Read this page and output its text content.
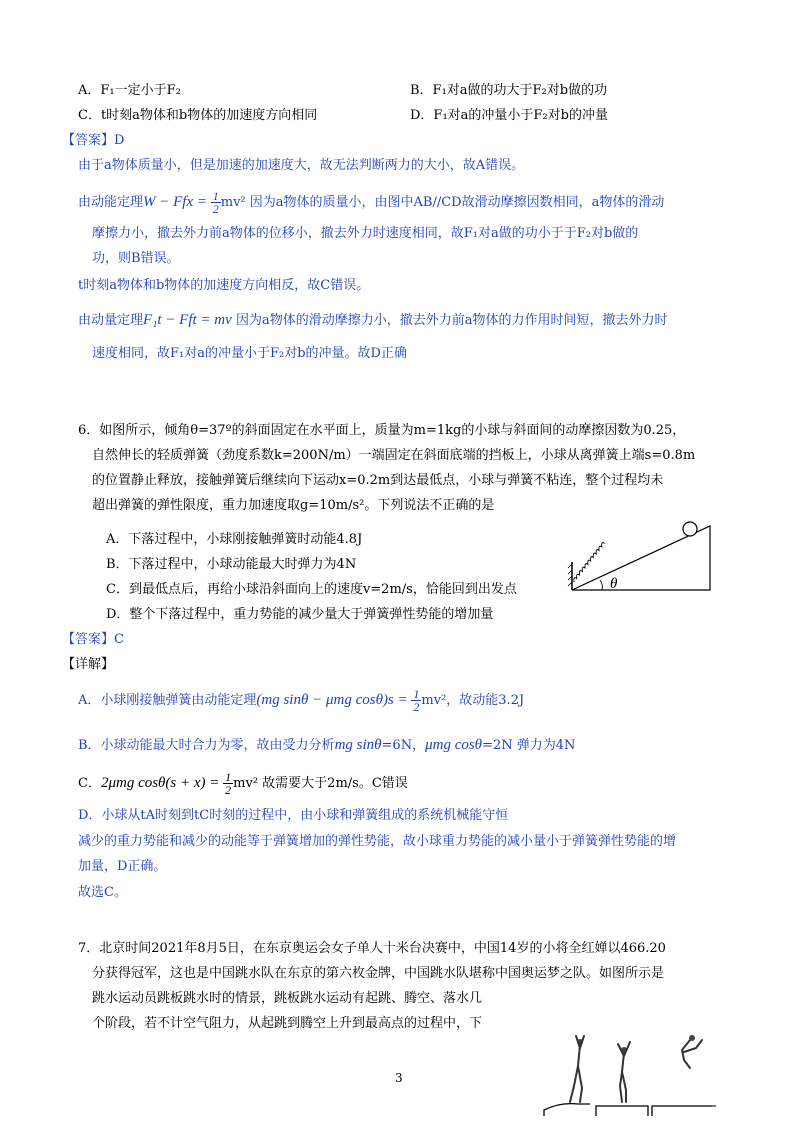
A．F₁一定小于F₂	B．F₁对a做的功大于F₂对b做的功
C．t时刻a物体和b物体的加速度方向相同	D．F₁对a的冲量小于F₂对b的冲量
【答案】D
由于a物体质量小，但是加速的加速度大，故无法判断两力的大小，故A错误。
由动能定理W − Ffx = $\frac{1}{2} mv^2$ 因为a物体的质量小，由图中AB//CD故滑动摩擦因数相同，a物体的滑动
摩擦力小，撤去外力前a物体的位移小，撤去外力时速度相同，故F₁对a做的功小于于F₂对b做的
功，则B错误。
t时刻a物体和b物体的加速度方向相反，故C错误。
由动量定理F₁t − Fft = mv 因为a物体的滑动摩擦力小，撤去外力前a物体的力作用时间短，撤去外力时
速度相同，故F₁对a的冲量小于F₂对b的冲量。故D正确
6．如图所示，倾角θ=37º的斜面固定在水平面上，质量为m=1kg的小球与斜面间的动摩擦因数为0.25，
自然伸长的轻质弹簧（劲度系数k=200N/m）一端固定在斜面底端的挡板上，小球从离弹簧上端s=0.8m
的位置静止释放，接触弹簧后继续向下运动x=0.2m到达最低点，小球与弹簧不粘连，整个过程均未
超出弹簧的弹性限度，重力加速度取g=10m/s²。下列说法不正确的是
A．下落过程中，小球刚接触弹簧时动能4.8J
B．下落过程中，小球动能最大时弹力为4N
C．到最低点后，再给小球沿斜面向上的速度v=2m/s，恰能回到出发点
D．整个下落过程中，重力势能的减少量大于弹簧弹性势能的增加量
θ
【答案】C
【详解】
A．小球刚接触弹簧由动能定理(mg sinθ − μmg $\cos\theta)s = \frac{1}{2} mv^2$，故动能3.2J
B．小球动能最大时合力为零，故由受力分析mg sinθ=6N，μmg cosθ=2N 弹力为4N
C．2μmg $\cos\theta(s + x) = \frac{1}{2} mv^2$ 故需要大于2m/s。C错误
D．小球从tA时刻到tC时刻的过程中，由小球和弹簧组成的系统机械能守恒
减少的重力势能和减少的动能等于弹簧增加的弹性势能，故小球重力势能的减小量小于弹簧弹性势能的增
加量，D正确。
故选C。
7．北京时间2021年8月5日，在东京奥运会女子单人十米台决赛中，中国14岁的小将全红婵以466.20
分获得冠军，这也是中国跳水队在东京的第六枚金牌，中国跳水队堪称中国奥运梦之队。如图所示是
跳水运动员跳板跳水时的情景，跳板跳水运动有起跳、腾空、落水几
个阶段，若不计空气阻力，从起跳到腾空上升到最高点的过程中，下
3
